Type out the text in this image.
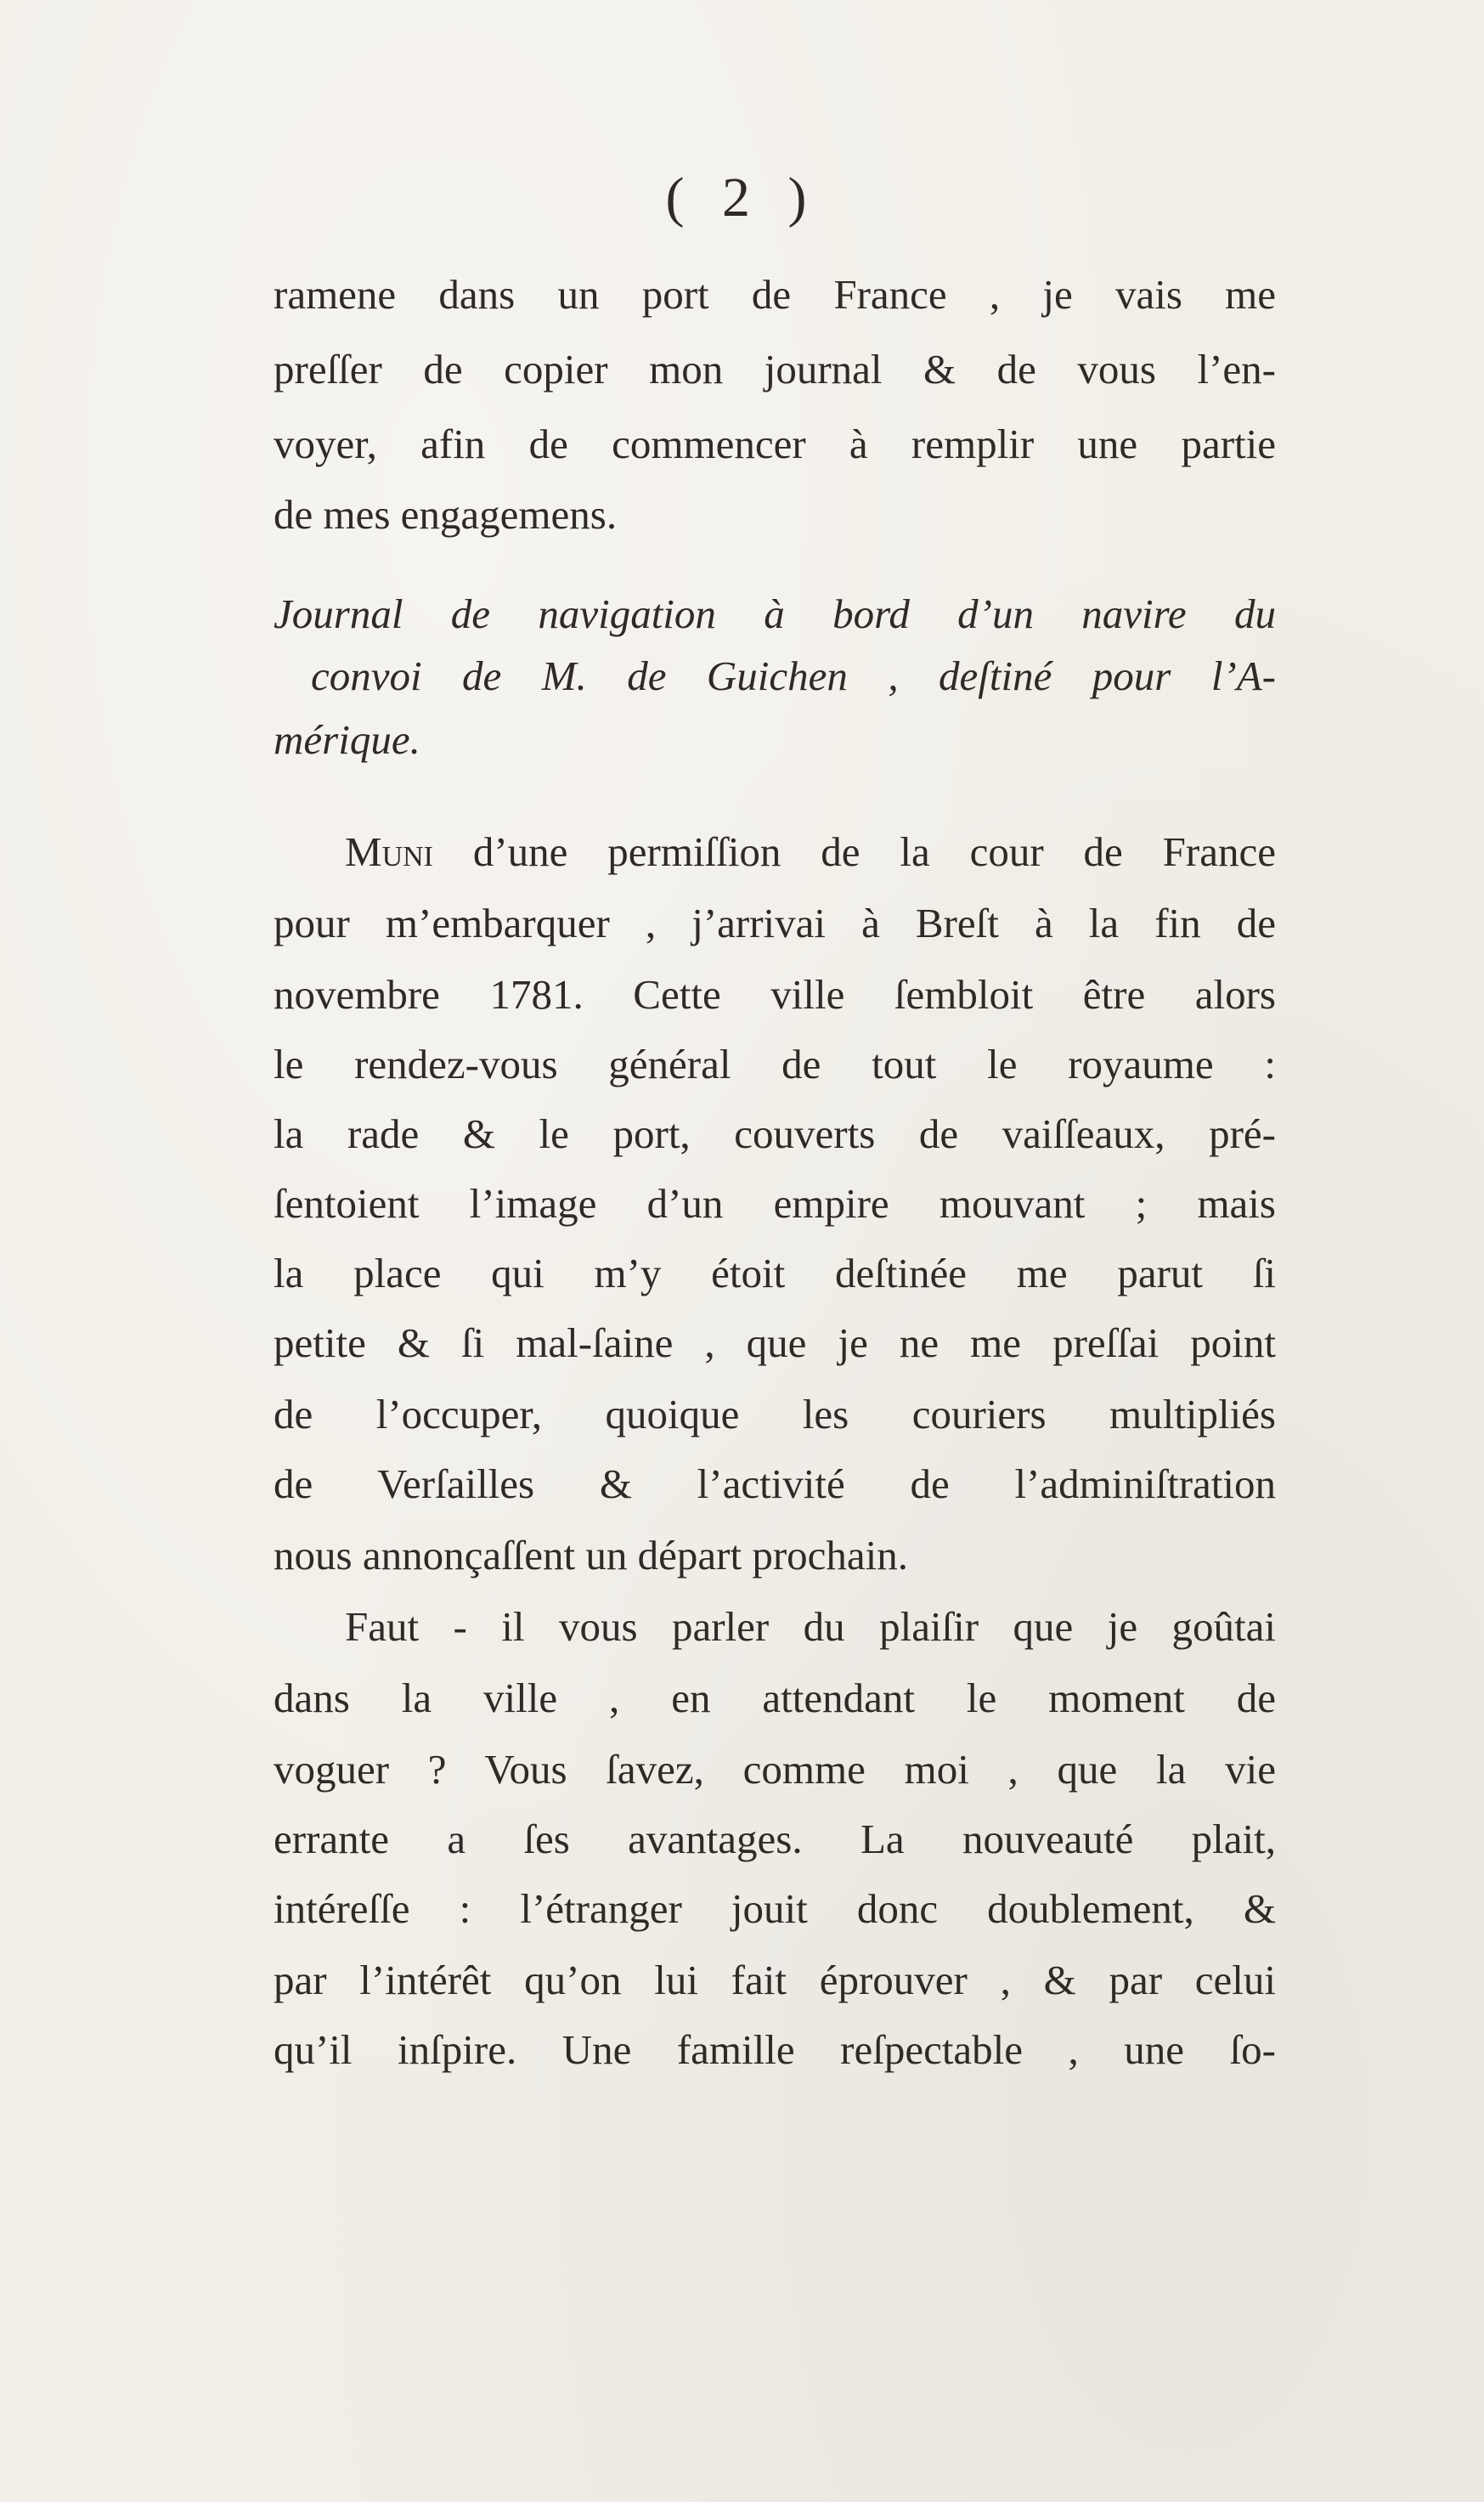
( 2 )
ramene dans un port de France , je vais me
preſſer de copier mon journal & de vous l’en-
voyer, afin de commencer à remplir une partie
de mes engagemens.
Journal de navigation à bord d’un navire du
convoi de M. de Guichen , deſtiné pour l’A-
mérique.
Muni d’une permiſſion de la cour de France
pour m’embarquer , j’arrivai à Breſt à la fin de
novembre 1781. Cette ville ſembloit être alors
le rendez-vous général de tout le royaume :
la rade & le port, couverts de vaiſſeaux, pré-
ſentoient l’image d’un empire mouvant ; mais
la place qui m’y étoit deſtinée me parut ſi
petite & ſi mal-ſaine , que je ne me preſſai point
de l’occuper, quoique les couriers multipliés
de Verſailles & l’activité de l’adminiſtration
nous annonçaſſent un départ prochain.
Faut - il vous parler du plaiſir que je goûtai
dans la ville , en attendant le moment de
voguer ? Vous ſavez, comme moi , que la vie
errante a ſes avantages. La nouveauté plait,
intéreſſe : l’étranger jouit donc doublement, &
par l’intérêt qu’on lui fait éprouver , & par celui
qu’il inſpire. Une famille reſpectable , une ſo-
